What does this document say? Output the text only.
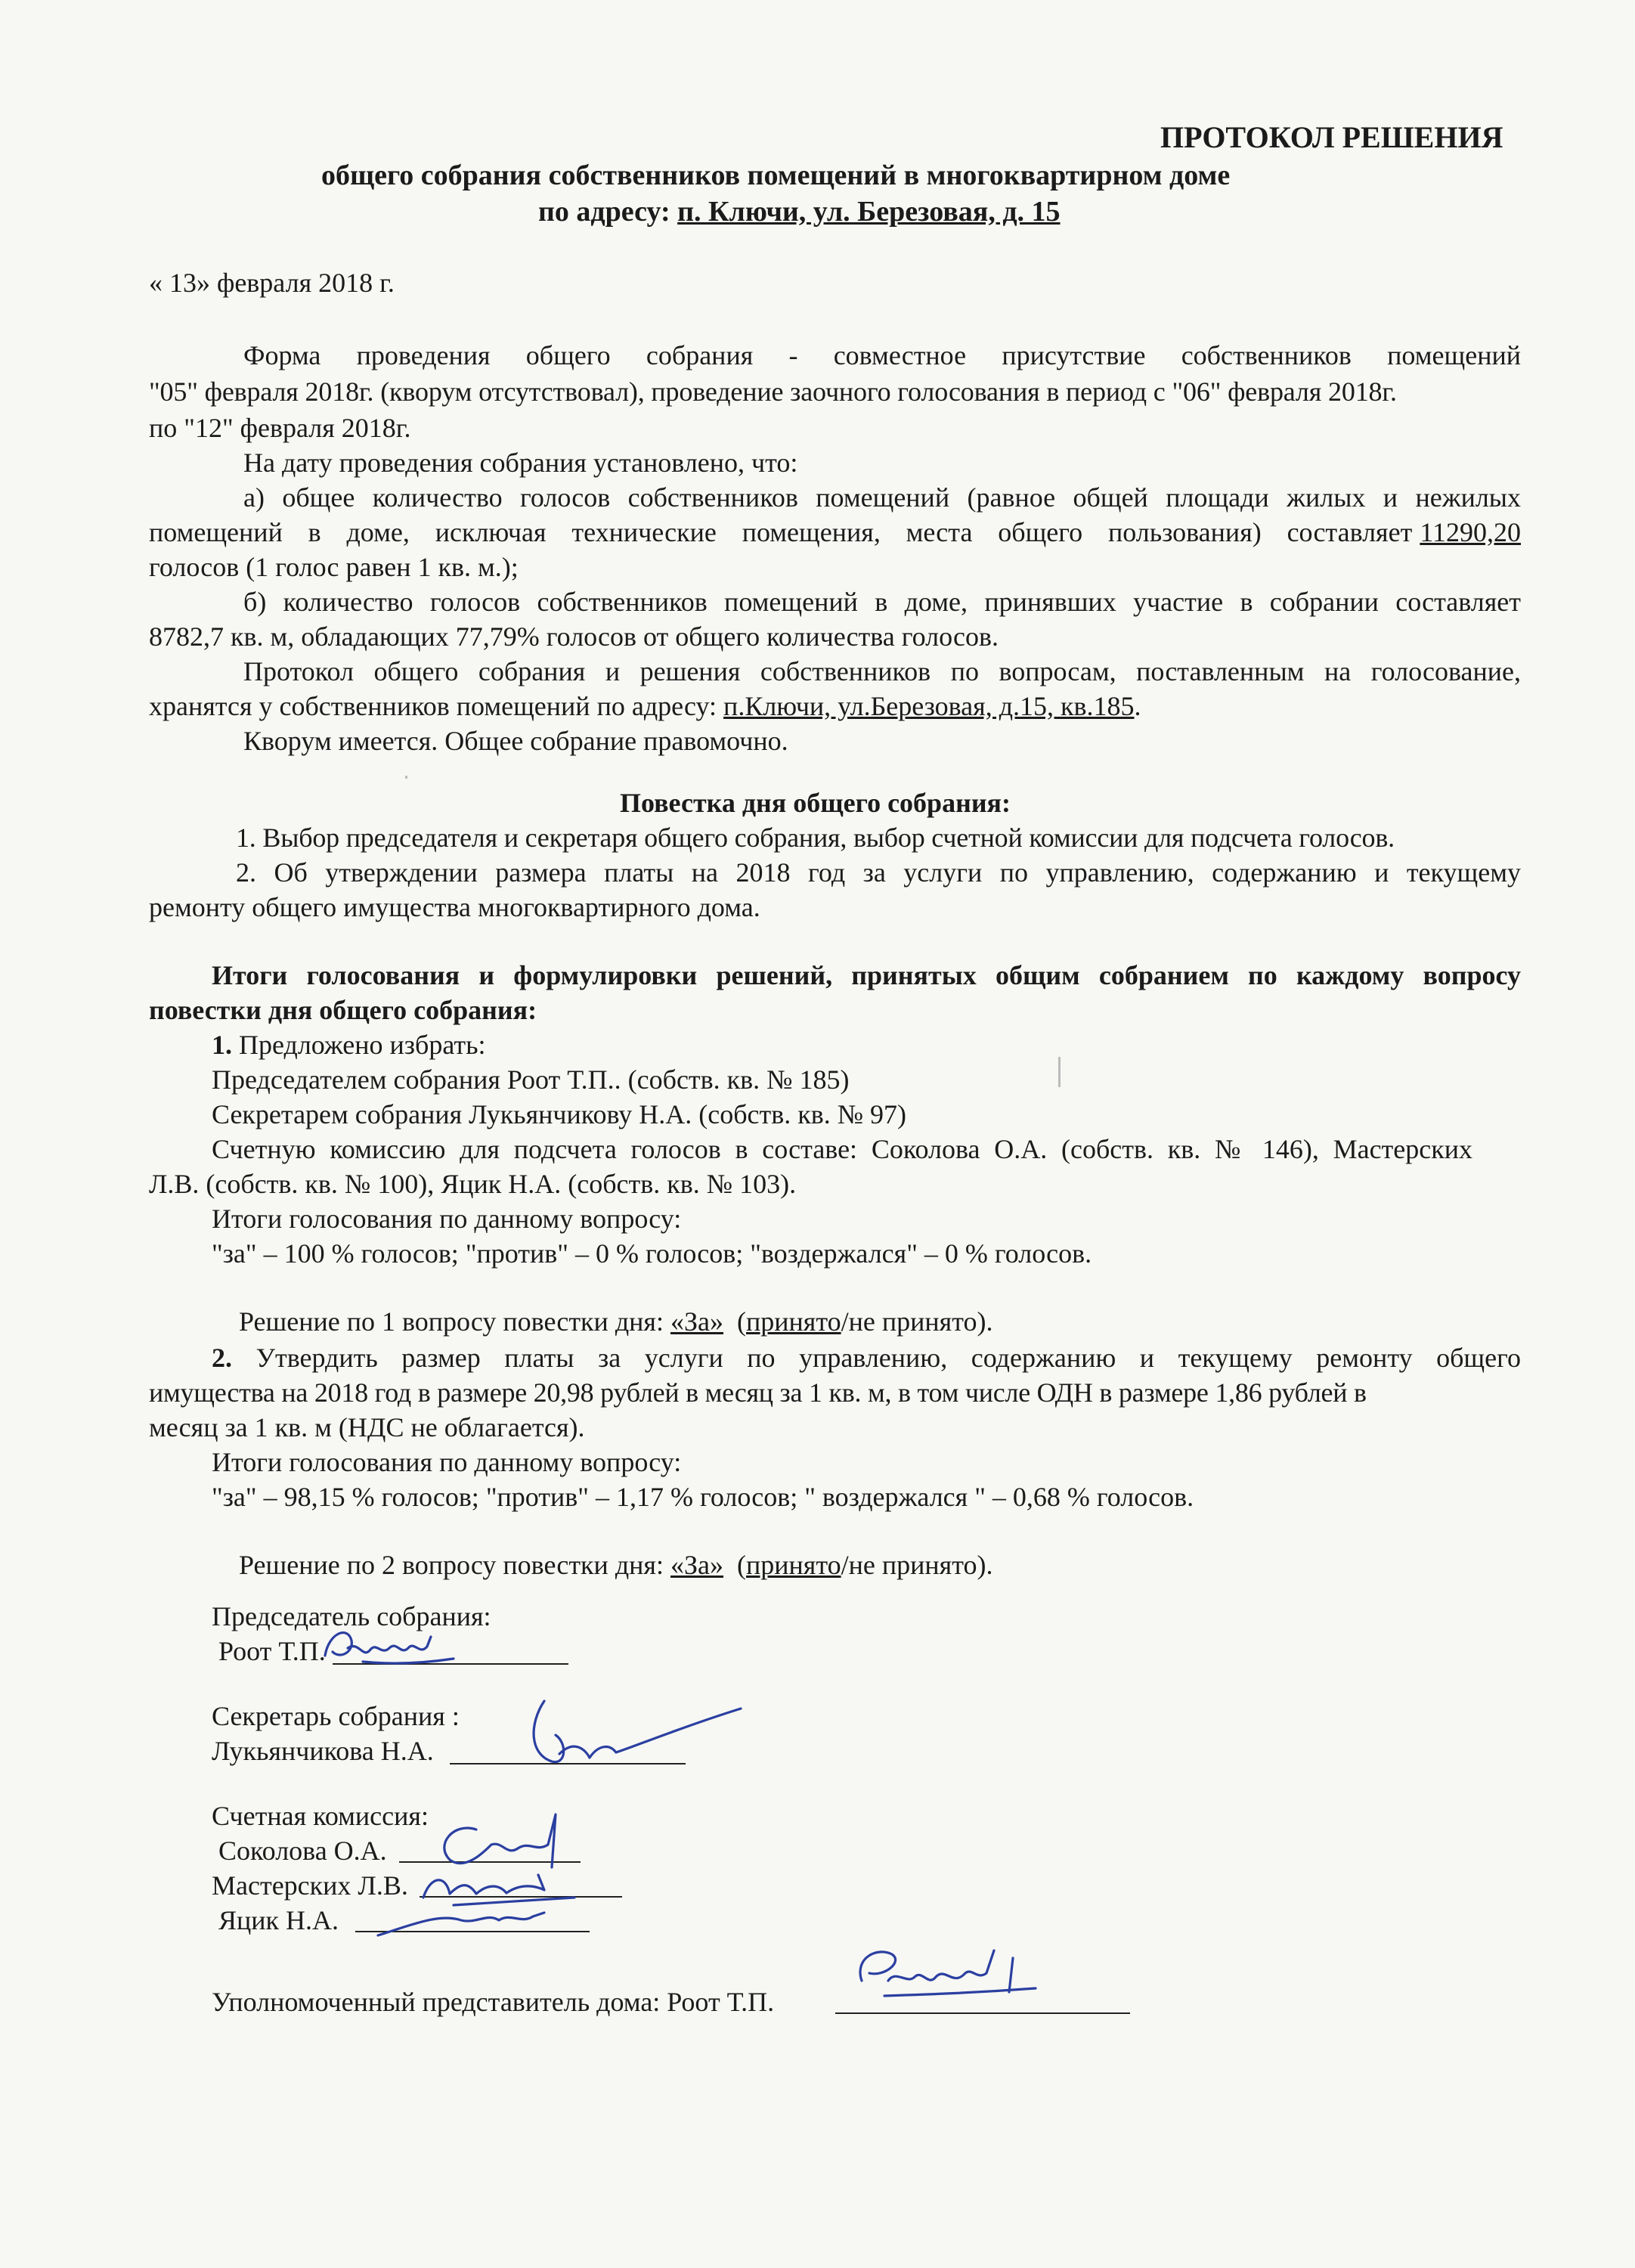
ПРОТОКОЛ РЕШЕНИЯ
общего собрания собственников помещений в многоквартирном доме
по адресу: п. Ключи, ул. Березовая, д. 15
« 13» февраля 2018 г.
Форма проведения общего собрания - совместное присутствие собственников помещений
"05" февраля 2018г. (кворум отсутствовал), проведение заочного голосования в период с "06" февраля 2018г.
по "12" февраля 2018г.
На дату проведения собрания установлено, что:
а) общее количество голосов собственников помещений (равное общей площади жилых и нежилых
помещений в доме, исключая технические помещения, места общего пользования) составляет 11290,20
голосов (1 голос равен 1 кв. м.);
б) количество голосов собственников помещений в доме, принявших участие в собрании составляет
8782,7 кв. м, обладающих 77,79% голосов от общего количества голосов.
Протокол общего собрания и решения собственников по вопросам, поставленным на голосование,
хранятся у собственников помещений по адресу: п.Ключи, ул.Березовая, д.15, кв.185.
Кворум имеется. Общее собрание правомочно.
Повестка дня общего собрания:
1. Выбор председателя и секретаря общего собрания, выбор счетной комиссии для подсчета голосов.
2. Об утверждении размера платы на 2018 год за услуги по управлению, содержанию и текущему
ремонту общего имущества многоквартирного дома.
Итоги голосования и формулировки решений, принятых общим собранием по каждому вопросу
повестки дня общего собрания:
1. Предложено избрать:
Председателем собрания Роот Т.П.. (собств. кв. № 185)
Секретарем собрания Лукьянчикову Н.А. (собств. кв. № 97)
Счетную комиссию для подсчета голосов в составе: Соколова О.А. (собств. кв. № 146), Мастерских
Л.В. (собств. кв. № 100), Яцик Н.А. (собств. кв. № 103).
Итоги голосования по данному вопросу:
"за" – 100 % голосов; "против" – 0 % голосов; "воздержался" – 0 % голосов.

Решение по 1 вопросу повестки дня: «За»  (принято/не принято).

2. Утвердить размер платы за услуги по управлению, содержанию и текущему ремонту общего
имущества на 2018 год в размере 20,98 рублей в месяц за 1 кв. м, в том числе ОДН в размере 1,86 рублей в
месяц за 1 кв. м (НДС не облагается).
Итоги голосования по данному вопросу:
"за" – 98,15 % голосов; "против" – 1,17 % голосов; " воздержался " – 0,68 % голосов.

Решение по 2 вопросу повестки дня: «За»  (принято/не принято).

Председатель собрания:
Роот Т.П.
Секретарь собрания :
Лукьянчикова Н.А.
Счетная комиссия:
Соколова О.А.
Мастерских Л.В.
Яцик Н.А.
Уполномоченный представитель дома: Роот Т.П.
